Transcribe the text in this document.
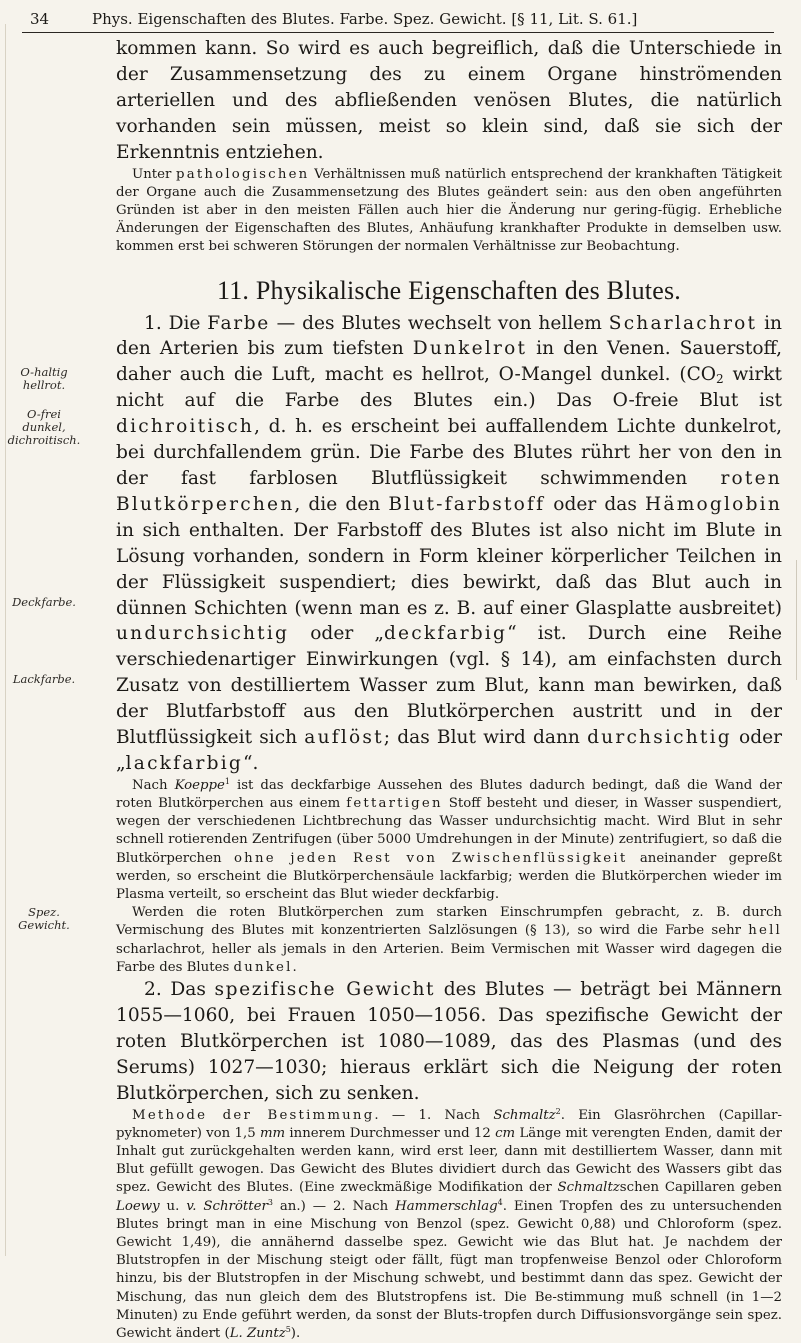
34	Phys. Eigenschaften des Blutes. Farbe. Spez. Gewicht. [§ 11, Lit. S. 61.]
O-haltig
hellrot.
O-frei
dunkel,
dichroitisch.
Deckfarbe.
Lackfarbe.
Spez.
Gewicht.

kommen kann. So wird es auch begreiflich, daß die Unterschiede in der Zusammensetzung des zu einem Organe hinströmenden arteriellen und des abfließenden venösen Blutes, die natürlich vorhanden sein müssen, meist so klein sind, daß sie sich der Erkenntnis entziehen.

Unter pathologischen Verhältnissen muß natürlich entsprechend der krankhaften Tätigkeit der Organe auch die Zusammensetzung des Blutes geändert sein: aus den oben angeführten Gründen ist aber in den meisten Fällen auch hier die Änderung nur gering-fügig. Erhebliche Änderungen der Eigenschaften des Blutes, Anhäufung krankhafter Produkte in demselben usw. kommen erst bei schweren Störungen der normalen Verhältnisse zur Beobachtung.

11. Physikalische Eigenschaften des Blutes.

1. Die Farbe — des Blutes wechselt von hellem Scharlachrot in den Arterien bis zum tiefsten Dunkelrot in den Venen. Sauerstoff, daher auch die Luft, macht es hellrot, O-Mangel dunkel. ($CO_2$ wirkt nicht auf die Farbe des Blutes ein.) Das O-freie Blut ist dichroitisch, d. h. es erscheint bei auffallendem Lichte dunkelrot, bei durchfallendem grün. Die Farbe des Blutes rührt her von den in der fast farblosen Blutflüssigkeit schwimmenden roten Blutkörperchen, die den Blut-farbstoff oder das Hämoglobin in sich enthalten. Der Farbstoff des Blutes ist also nicht im Blute in Lösung vorhanden, sondern in Form kleiner körperlicher Teilchen in der Flüssigkeit suspendiert; dies bewirkt, daß das Blut auch in dünnen Schichten (wenn man es z. B. auf einer Glasplatte ausbreitet) undurchsichtig oder „deckfarbig“ ist. Durch eine Reihe verschiedenartiger Einwirkungen (vgl. § 14), am einfachsten durch Zusatz von destilliertem Wasser zum Blut, kann man bewirken, daß der Blutfarbstoff aus den Blutkörperchen austritt und in der Blutflüssigkeit sich auflöst; das Blut wird dann durchsichtig oder „lackfarbig“.

Nach Koeppe$^1$ ist das deckfarbige Aussehen des Blutes dadurch bedingt, daß die Wand der roten Blutkörperchen aus einem fettartigen Stoff besteht und dieser, in Wasser suspendiert, wegen der verschiedenen Lichtbrechung das Wasser undurchsichtig macht. Wird Blut in sehr schnell rotierenden Zentrifugen (über 5000 Umdrehungen in der Minute) zentrifugiert, so daß die Blutkörperchen ohne jeden Rest von Zwischenflüssigkeit aneinander gepreßt werden, so erscheint die Blutkörperchensäule lackfarbig; werden die Blutkörperchen wieder im Plasma verteilt, so erscheint das Blut wieder deckfarbig.

Werden die roten Blutkörperchen zum starken Einschrumpfen gebracht, z. B. durch Vermischung des Blutes mit konzentrierten Salzlösungen (§ 13), so wird die Farbe sehr hell scharlachrot, heller als jemals in den Arterien. Beim Vermischen mit Wasser wird dagegen die Farbe des Blutes dunkel.

2. Das spezifische Gewicht des Blutes — beträgt bei Männern 1055—1060, bei Frauen 1050—1056. Das spezifische Gewicht der roten Blutkörperchen ist 1080—1089, das des Plasmas (und des Serums) 1027—1030; hieraus erklärt sich die Neigung der roten Blutkörperchen, sich zu senken.

Methode der Bestimmung. — 1. Nach Schmaltz$^2$. Ein Glasröhrchen (Capillar-pyknometer) von 1,5 mm innerem Durchmesser und 12 cm Länge mit verengten Enden, damit der Inhalt gut zurückgehalten werden kann, wird erst leer, dann mit destilliertem Wasser, dann mit Blut gefüllt gewogen. Das Gewicht des Blutes dividiert durch das Gewicht des Wassers gibt das spez. Gewicht des Blutes. (Eine zweckmäßige Modifikation der Schmaltzschen Capillaren geben Loewy u. v. Schrötter$^3$ an.) — 2. Nach Hammerschlag$^4$. Einen Tropfen des zu untersuchenden Blutes bringt man in eine Mischung von Benzol (spez. Gewicht 0,88) und Chloroform (spez. Gewicht 1,49), die annähernd dasselbe spez. Gewicht wie das Blut hat. Je nachdem der Blutstropfen in der Mischung steigt oder fällt, fügt man tropfenweise Benzol oder Chloroform hinzu, bis der Blutstropfen in der Mischung schwebt, und bestimmt dann das spez. Gewicht der Mischung, das nun gleich dem des Blutstropfens ist. Die Be-stimmung muß schnell (in 1—2 Minuten) zu Ende geführt werden, da sonst der Bluts-tropfen durch Diffusionsvorgänge sein spez. Gewicht ändert (L. Zuntz$^5$).
